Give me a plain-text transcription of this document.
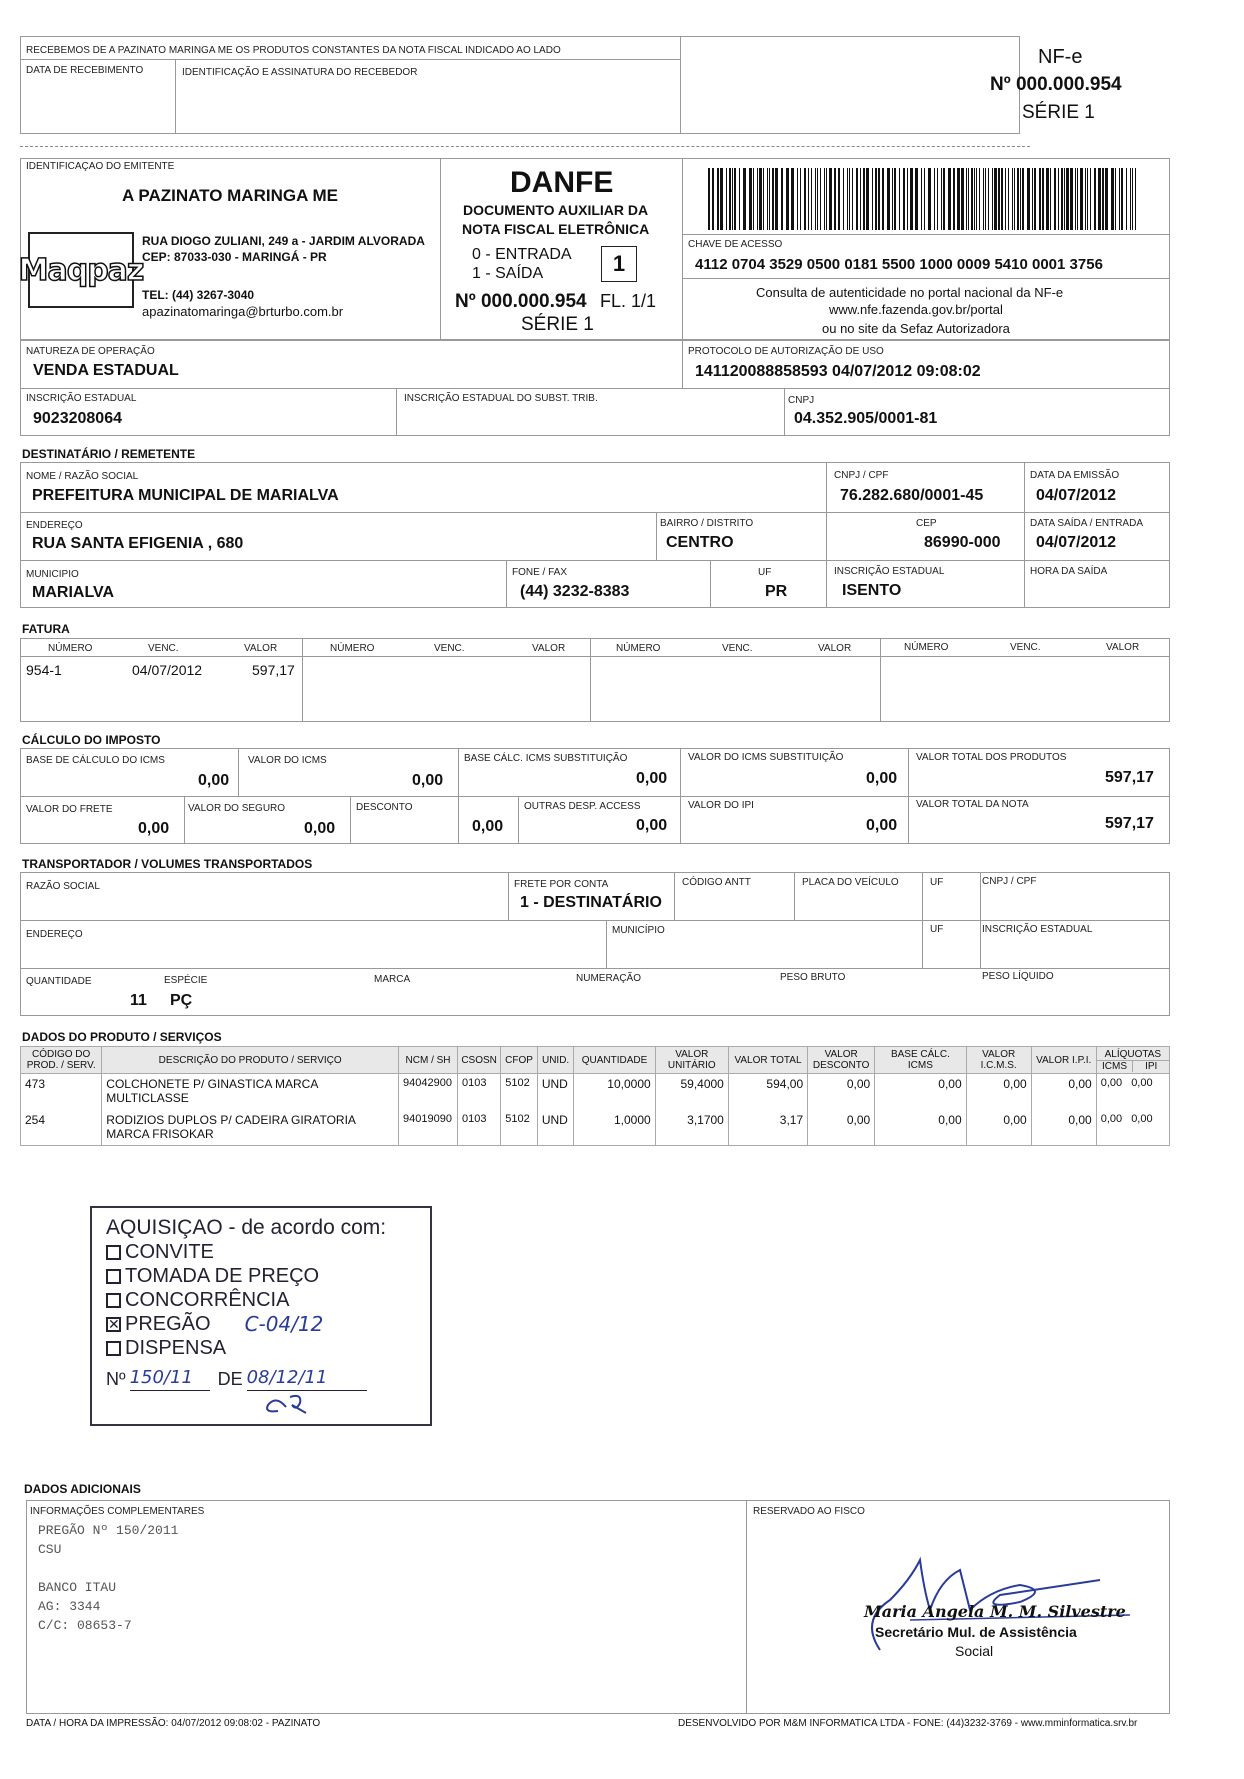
RECEBEMOS DE A PAZINATO MARINGA ME OS PRODUTOS CONSTANTES DA NOTA FISCAL INDICADO AO LADO
DATA DE RECEBIMENTO	IDENTIFICAÇÃO E ASSINATURA DO RECEBEDOR
NF-e
Nº 000.000.954
SÉRIE 1
IDENTIFICAÇAO DO EMITENTE
A PAZINATO MARINGA ME
Maqpaz
RUA DIOGO ZULIANI, 249 a - JARDIM ALVORADA
CEP: 87033-030 - MARINGÁ - PR
TEL: (44) 3267-3040
apazinatomaringa@brturbo.com.br
DANFE
DOCUMENTO AUXILIAR DA
NOTA FISCAL ELETRÔNICA
0 - ENTRADA
1 - SAÍDA	1
Nº 000.000.954 FL. 1/1
SÉRIE 1
CHAVE DE ACESSO
4112 0704 3529 0500 0181 5500 1000 0009 5410 0001 3756
Consulta de autenticidade no portal nacional da NF-e
www.nfe.fazenda.gov.br/portal
ou no site da Sefaz Autorizadora
NATUREZA DE OPERAÇÃO
VENDA ESTADUAL
PROTOCOLO DE AUTORIZAÇÃO DE USO
141120088858593 04/07/2012 09:08:02
INSCRIÇÃO ESTADUAL
9023208064
INSCRIÇÃO ESTADUAL DO SUBST. TRIB.	CNPJ
04.352.905/0001-81
DESTINATÁRIO / REMETENTE
NOME / RAZÃO SOCIAL
PREFEITURA MUNICIPAL DE MARIALVA
CNPJ / CPF
76.282.680/0001-45
DATA DA EMISSÃO
04/07/2012
ENDEREÇO
RUA SANTA EFIGENIA , 680
BAIRRO / DISTRITO
CENTRO
CEP
86990-000
DATA SAÍDA / ENTRADA
04/07/2012
MUNICIPIO
MARIALVA
FONE / FAX
(44) 3232-8383
UF
PR
INSCRIÇÃO ESTADUAL
ISENTO
HORA DA SAÍDA
FATURA
NÚMERO	VENC.	VALOR	NÚMERO	VENC.	VALOR	NÚMERO	VENC.	VALOR	NÚMERO	VENC.	VALOR
954-1	04/07/2012	597,17
CÁLCULO DO IMPOSTO
BASE DE CÁLCULO DO ICMS
0,00
VALOR DO ICMS
0,00
BASE CÁLC. ICMS SUBSTITUIÇÃO
0,00
VALOR DO ICMS SUBSTITUIÇÃO
0,00
VALOR TOTAL DOS PRODUTOS
597,17
VALOR DO FRETE
0,00
VALOR DO SEGURO
0,00
DESCONTO
0,00
OUTRAS DESP. ACCESS
0,00
VALOR DO IPI
0,00
VALOR TOTAL DA NOTA
597,17
TRANSPORTADOR / VOLUMES TRANSPORTADOS
RAZÃO SOCIAL	FRETE POR CONTA
1 - DESTINATÁRIO
CÓDIGO ANTT	PLACA DO VEÍCULO	UF	CNPJ / CPF
ENDEREÇO	MUNICÍPIO	UF	INSCRIÇÃO ESTADUAL
QUANTIDADE
11
ESPÉCIE
PÇ
MARCA	NUMERAÇÃO	PESO BRUTO	PESO LÍQUIDO
DADOS DO PRODUTO / SERVIÇOS
CÓDIGO DO PROD. / SERV.	DESCRIÇÃO DO PRODUTO / SERVIÇO	NCM / SH	CSOSN	CFOP	UNID.	QUANTIDADE	VALOR UNITÁRIO	VALOR TOTAL	VALOR DESCONTO	BASE CÁLC. ICMS	VALOR I.C.M.S.	VALOR I.P.I.	ALÍQUOTAS
ICMS IPI

473	COLCHONETE P/ GINASTICA MARCA MULTICLASSE	94042900	0103	5102	UND	10,0000	59,4000	594,00	0,00	0,00	0,00	0,00	0,00 0,00
254	RODIZIOS DUPLOS P/ CADEIRA GIRATORIA MARCA FRISOKAR	94019090	0103	5102	UND	1,0000	3,1700	3,17	0,00	0,00	0,00	0,00	0,00 0,00
AQUISIÇAO - de acordo com:
CONVITE
TOMADA DE PREÇO
CONCORRÊNCIA
✕ PREGÃO C-04/12
DISPENSA
Nº 150/11	DE 08/12/11
DADOS ADICIONAIS
INFORMAÇÕES COMPLEMENTARES
PREGÃO Nº 150/2011
CSU
BANCO ITAU
AG: 3344
C/C: 08653-7
RESERVADO AO FISCO
Maria Angela M. M. Silvestre
Secretário Mul. de Assistência
Social
DATA / HORA DA IMPRESSÃO: 04/07/2012 09:08:02 - PAZINATO	DESENVOLVIDO POR M&M INFORMATICA LTDA - FONE: (44)3232-3769 - www.mminformatica.srv.br
